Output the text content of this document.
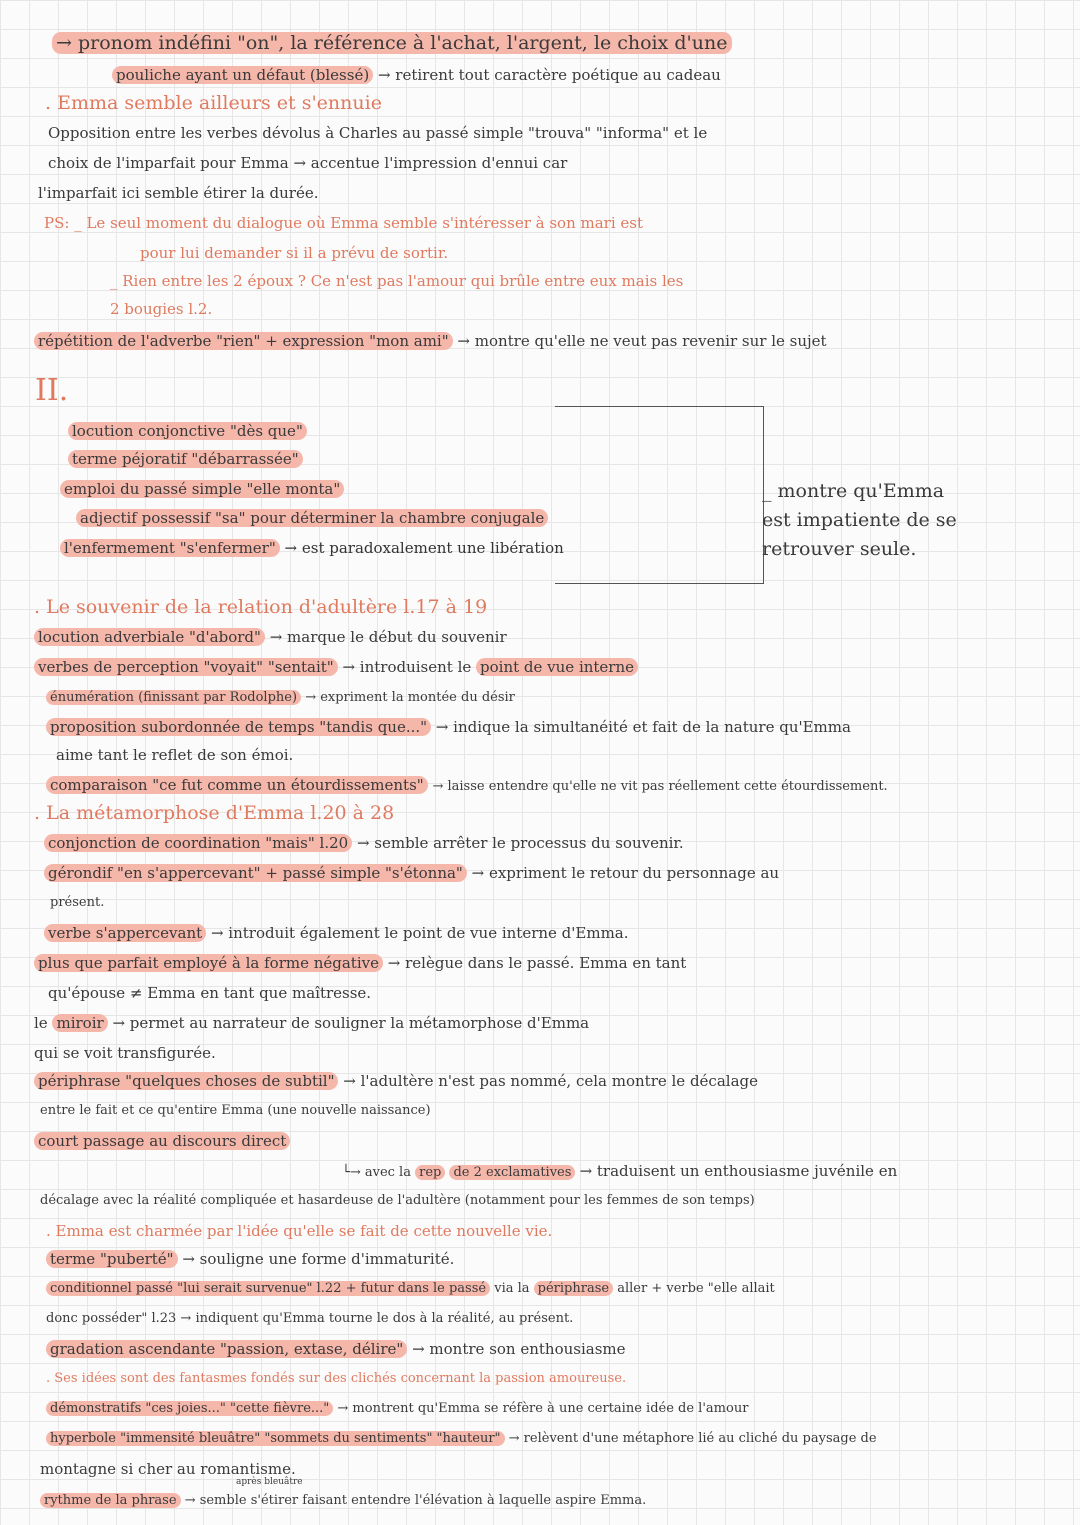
→ pronom indéfini "on", la référence à l'achat, l'argent, le choix d'une
pouliche ayant un défaut (blessé) → retirent tout caractère poétique au cadeau
. Emma semble ailleurs et s'ennuie
Opposition entre les verbes dévolus à Charles au passé simple "trouva" "informa" et le
choix de l'imparfait pour Emma → accentue l'impression d'ennui car
l'imparfait ici semble étirer la durée.
PS: _ Le seul moment du dialogue où Emma semble s'intéresser à son mari est
pour lui demander si il a prévu de sortir.
_ Rien entre les 2 époux ? Ce n'est pas l'amour qui brûle entre eux mais les
2 bougies l.2.
répétition de l'adverbe "rien" + expression "mon ami" → montre qu'elle ne veut pas revenir sur le sujet
II.
locution conjonctive "dès que"
terme péjoratif "débarrassée"
emploi du passé simple "elle monta"
adjectif possessif "sa" pour déterminer la chambre conjugale
l'enfermement "s'enfermer" → est paradoxalement une libération
_ montre qu'Emma
est impatiente de se
retrouver seule.
. Le souvenir de la relation d'adultère l.17 à 19
locution adverbiale "d'abord" → marque le début du souvenir
verbes de perception "voyait" "sentait" → introduisent le point de vue interne
énumération (finissant par Rodolphe) → expriment la montée du désir
proposition subordonnée de temps "tandis que..." → indique la simultanéité et fait de la nature qu'Emma
aime tant le reflet de son émoi.
comparaison "ce fut comme un étourdissements" → laisse entendre qu'elle ne vit pas réellement cette étourdissement.
. La métamorphose d'Emma l.20 à 28
conjonction de coordination "mais" l.20 → semble arrêter le processus du souvenir.
gérondif "en s'appercevant" + passé simple "s'étonna" → expriment le retour du personnage au
présent.
verbe s'appercevant → introduit également le point de vue interne d'Emma.
plus que parfait employé à la forme négative → relègue dans le passé. Emma en tant
qu'épouse ≠ Emma en tant que maîtresse.
le miroir → permet au narrateur de souligner la métamorphose d'Emma
qui se voit transfigurée.
périphrase "quelques choses de subtil" → l'adultère n'est pas nommé, cela montre le décalage
entre le fait et ce qu'entire Emma (une nouvelle naissance)
court passage au discours direct
└→ avec la rep de 2 exclamatives → traduisent un enthousiasme juvénile en
décalage avec la réalité compliquée et hasardeuse de l'adultère (notamment pour les femmes de son temps)
. Emma est charmée par l'idée qu'elle se fait de cette nouvelle vie.
terme "puberté" → souligne une forme d'immaturité.
conditionnel passé "lui serait survenue" l.22 + futur dans le passé via la périphrase aller + verbe "elle allait
donc posséder" l.23 → indiquent qu'Emma tourne le dos à la réalité, au présent.
gradation ascendante "passion, extase, délire" → montre son enthousiasme
. Ses idées sont des fantasmes fondés sur des clichés concernant la passion amoureuse.
démonstratifs "ces joies..." "cette fièvre..." → montrent qu'Emma se réfère à une certaine idée de l'amour
hyperbole "immensité bleuâtre" "sommets du sentiments" "hauteur" → relèvent d'une métaphore lié au cliché du paysage de
montagne si cher au romantisme.
après bleuâtre
rythme de la phrase → semble s'étirer faisant entendre l'élévation à laquelle aspire Emma.
